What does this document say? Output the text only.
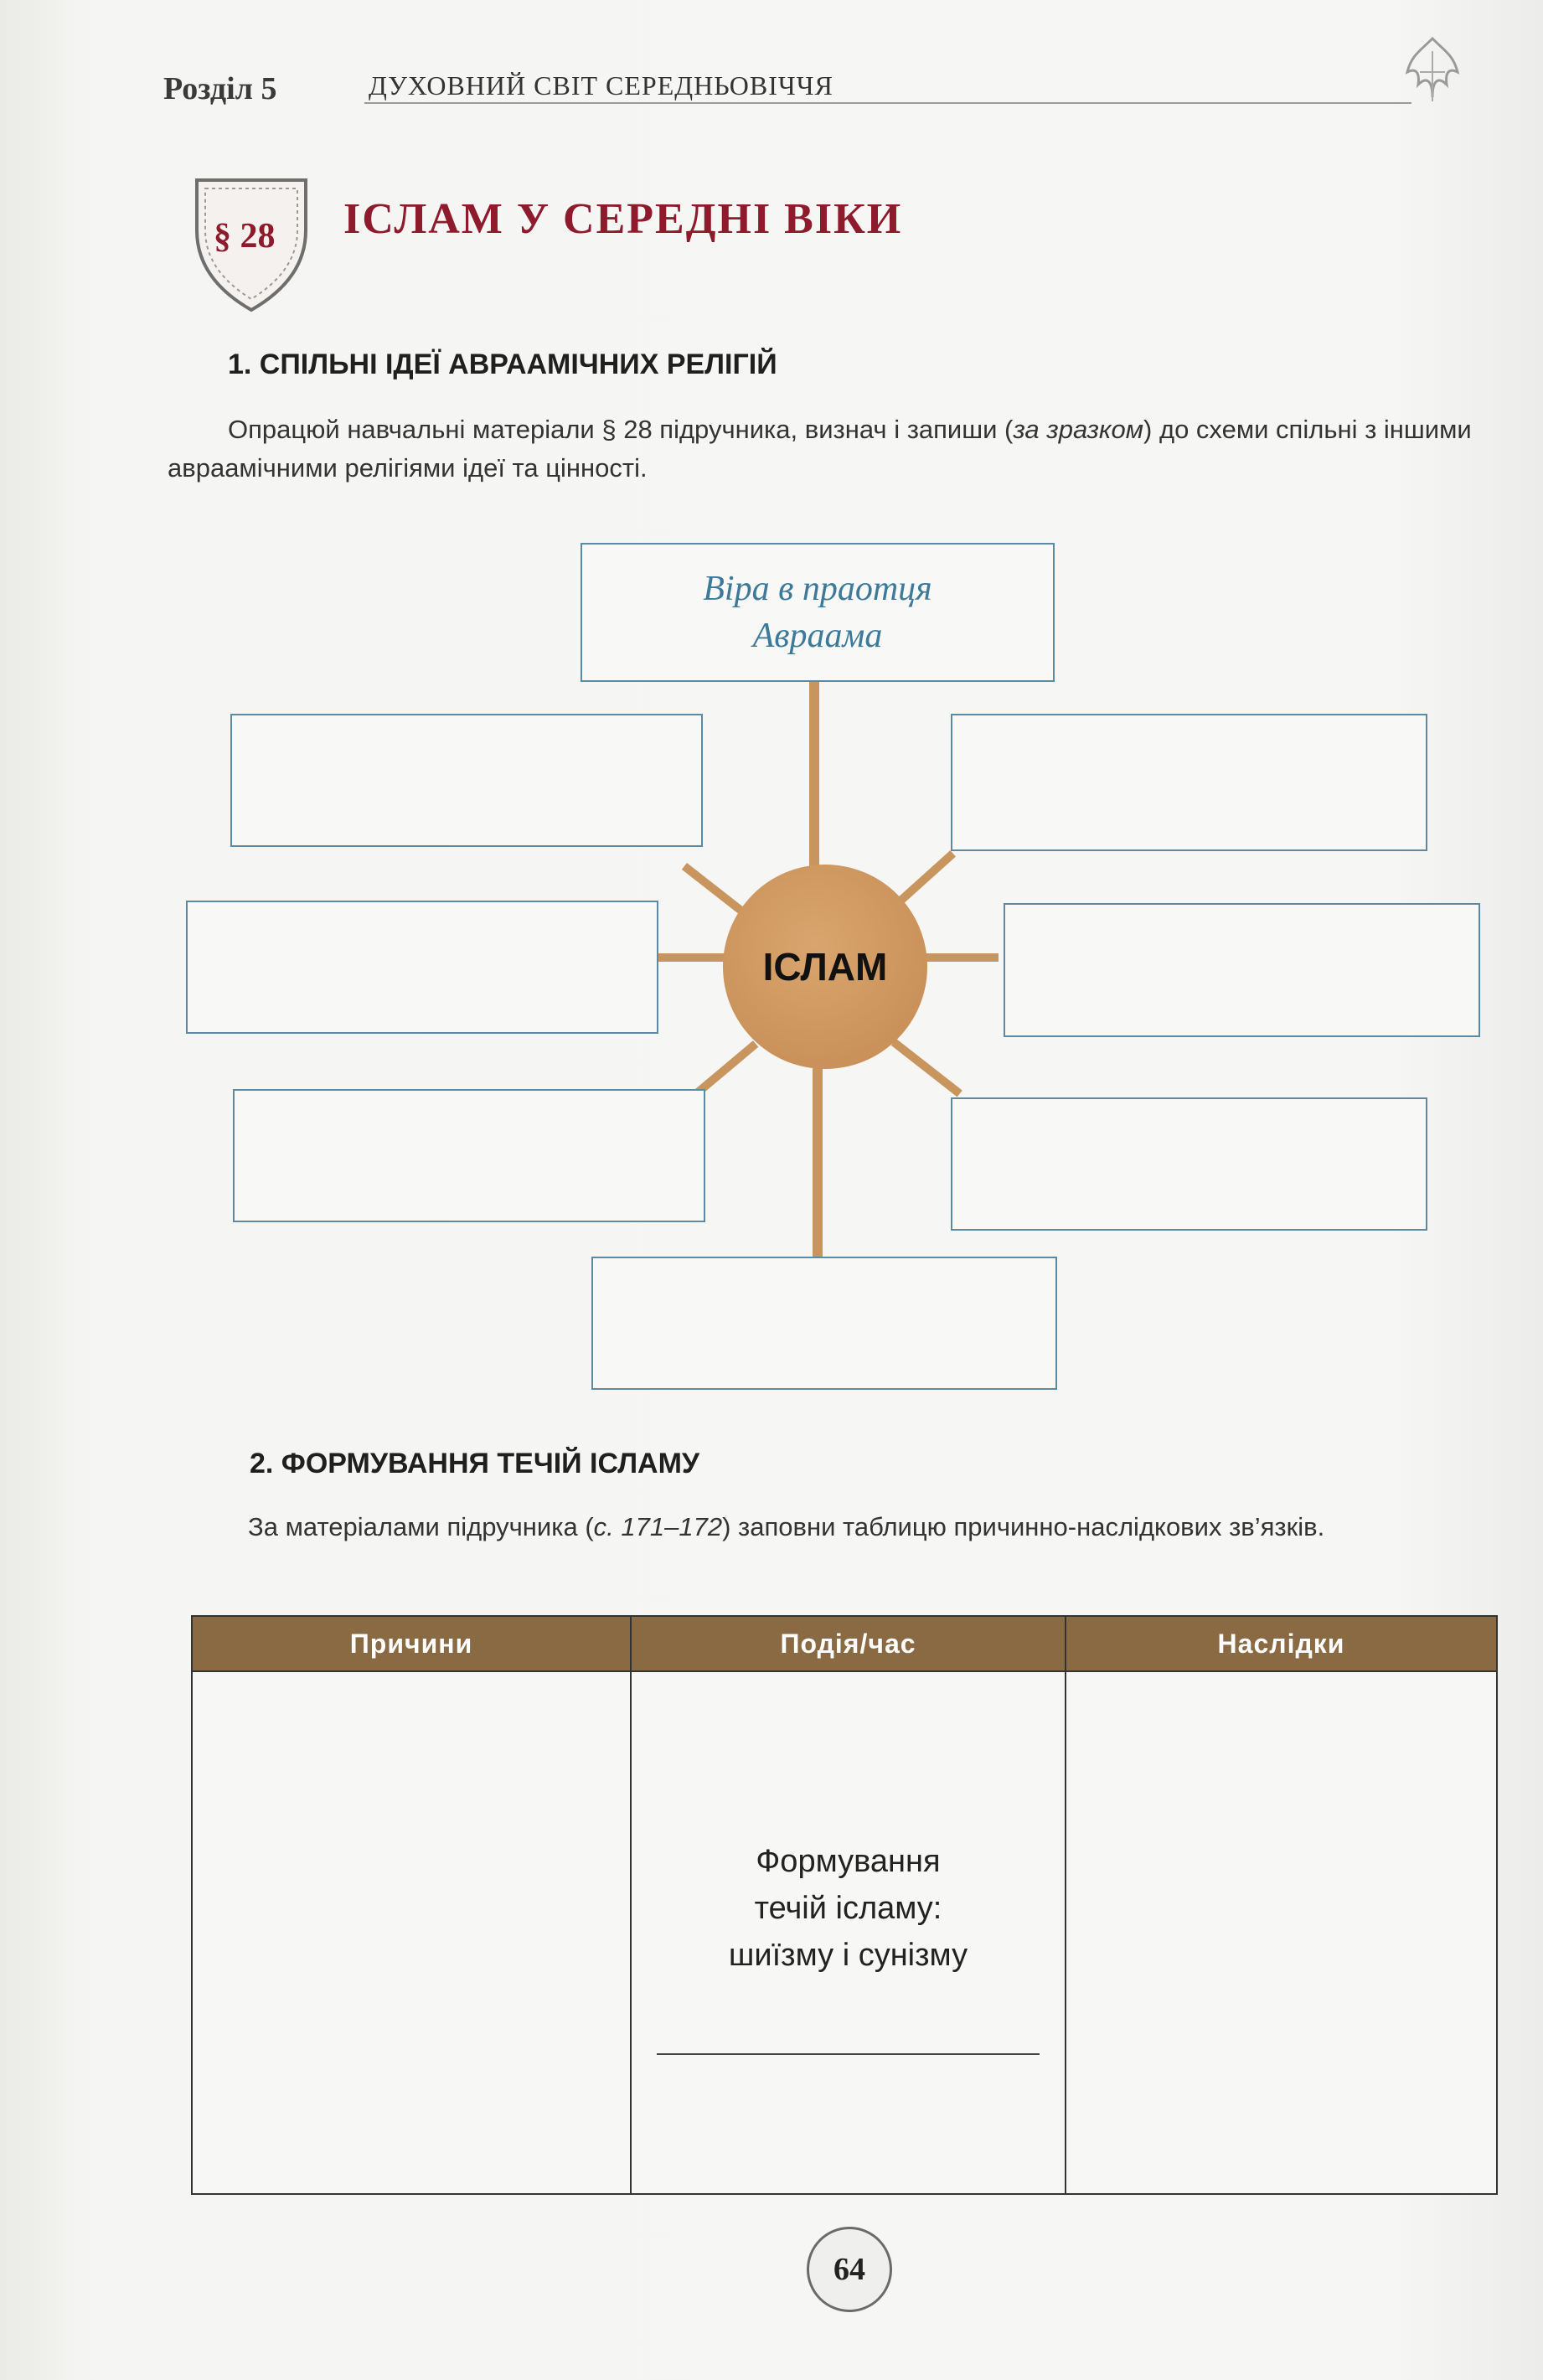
Розділ 5	ДУХОВНИЙ СВІТ СЕРЕДНЬОВІЧЧЯ
§ 28 ІСЛАМ У СЕРЕДНІ ВІКИ
1. СПІЛЬНІ ІДЕЇ АВРААМІЧНИХ РЕЛІГІЙ
Опрацюй навчальні матеріали § 28 підручника, визнач і запиши (за зразком) до схеми спільні з іншими авраамічними релігіями ідеї та цінності.
ІСЛАМ
Віра в праотця
Авраама
2. ФОРМУВАННЯ ТЕЧІЙ ІСЛАМУ
За матеріалами підручника (с. 171–172) заповни таблицю причинно-наслідкових зв’язків.
Причини	Подія/час	Наслідки

	Формування
течій ісламу:
шиїзму і сунізму	

64
